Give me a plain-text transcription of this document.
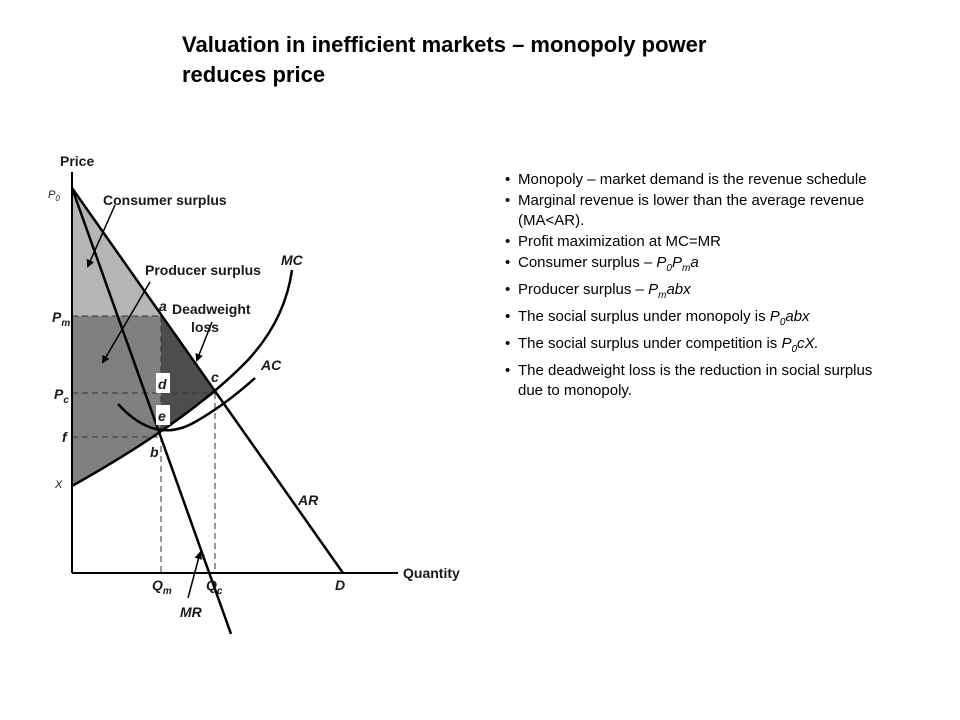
Valuation in inefficient markets – monopoly power
reduces price
Price
Quantity
$P_0$
$P_m$
$P_c$
f
X
$Q_m$ $Q_c$	D
MR
AR
MC
AC
a
b
c
d
e
Consumer surplus
Producer surplus
Deadweight
loss
• Monopoly – market demand is the revenue schedule
• Marginal revenue is lower than the average revenue (MA<AR).
• Profit maximization at MC=MR
• Consumer surplus – $P_0P_ma$
• Producer surplus – $P_mabx$
• The social surplus under monopoly is $P_0abx$
• The social surplus under competition is $P_0cX$.
• The deadweight loss is the reduction in social surplus due to monopoly.
